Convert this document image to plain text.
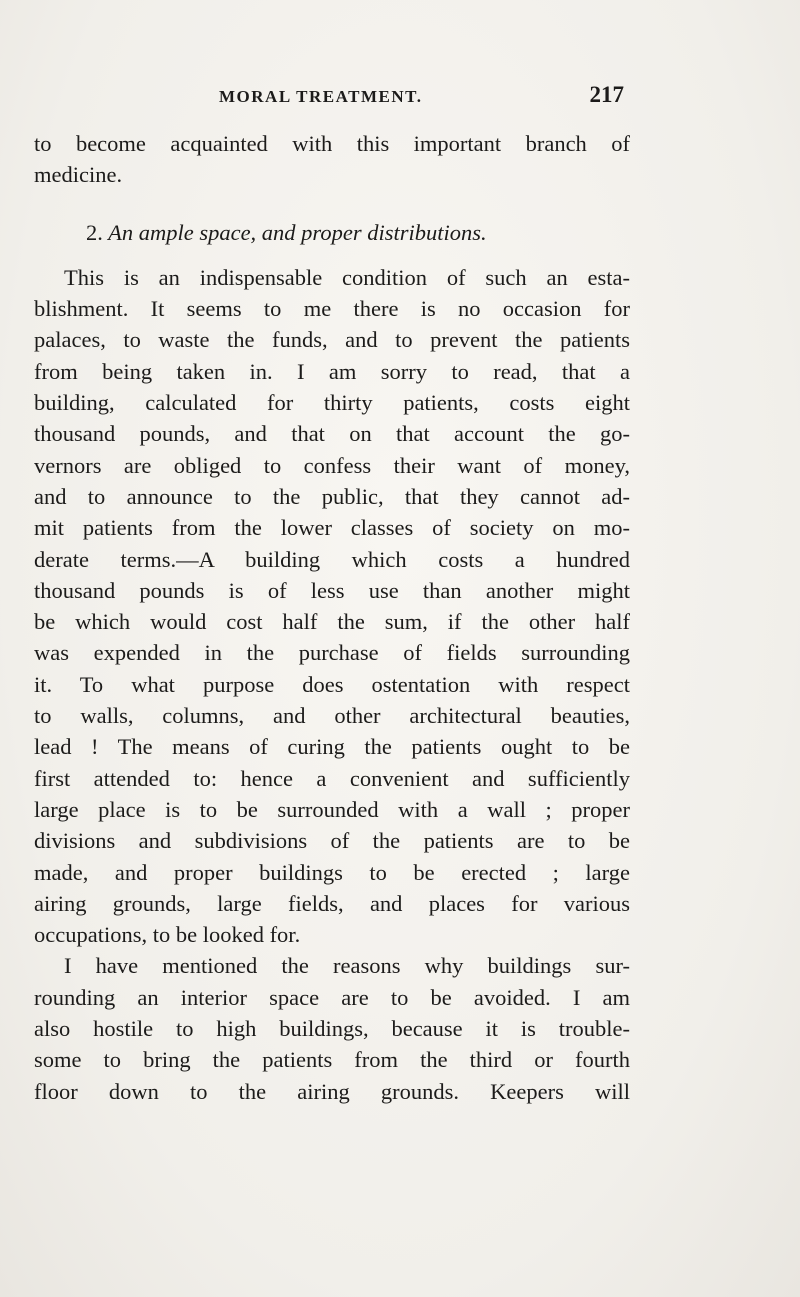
MORAL TREATMENT.	217
to become acquainted with this important branch of
medicine.
2. An ample space, and proper distributions.
This is an indispensable condition of such an esta-
blishment. It seems to me there is no occasion for
palaces, to waste the funds, and to prevent the patients
from being taken in. I am sorry to read, that a
building, calculated for thirty patients, costs eight
thousand pounds, and that on that account the go-
vernors are obliged to confess their want of money,
and to announce to the public, that they cannot ad-
mit patients from the lower classes of society on mo-
derate terms.—A building which costs a hundred
thousand pounds is of less use than another might
be which would cost half the sum, if the other half
was expended in the purchase of fields surrounding
it. To what purpose does ostentation with respect
to walls, columns, and other architectural beauties,
lead ! The means of curing the patients ought to be
first attended to: hence a convenient and sufficiently
large place is to be surrounded with a wall ; proper
divisions and subdivisions of the patients are to be
made, and proper buildings to be erected ; large
airing grounds, large fields, and places for various
occupations, to be looked for.
I have mentioned the reasons why buildings sur-
rounding an interior space are to be avoided. I am
also hostile to high buildings, because it is trouble-
some to bring the patients from the third or fourth
floor down to the airing grounds. Keepers will
